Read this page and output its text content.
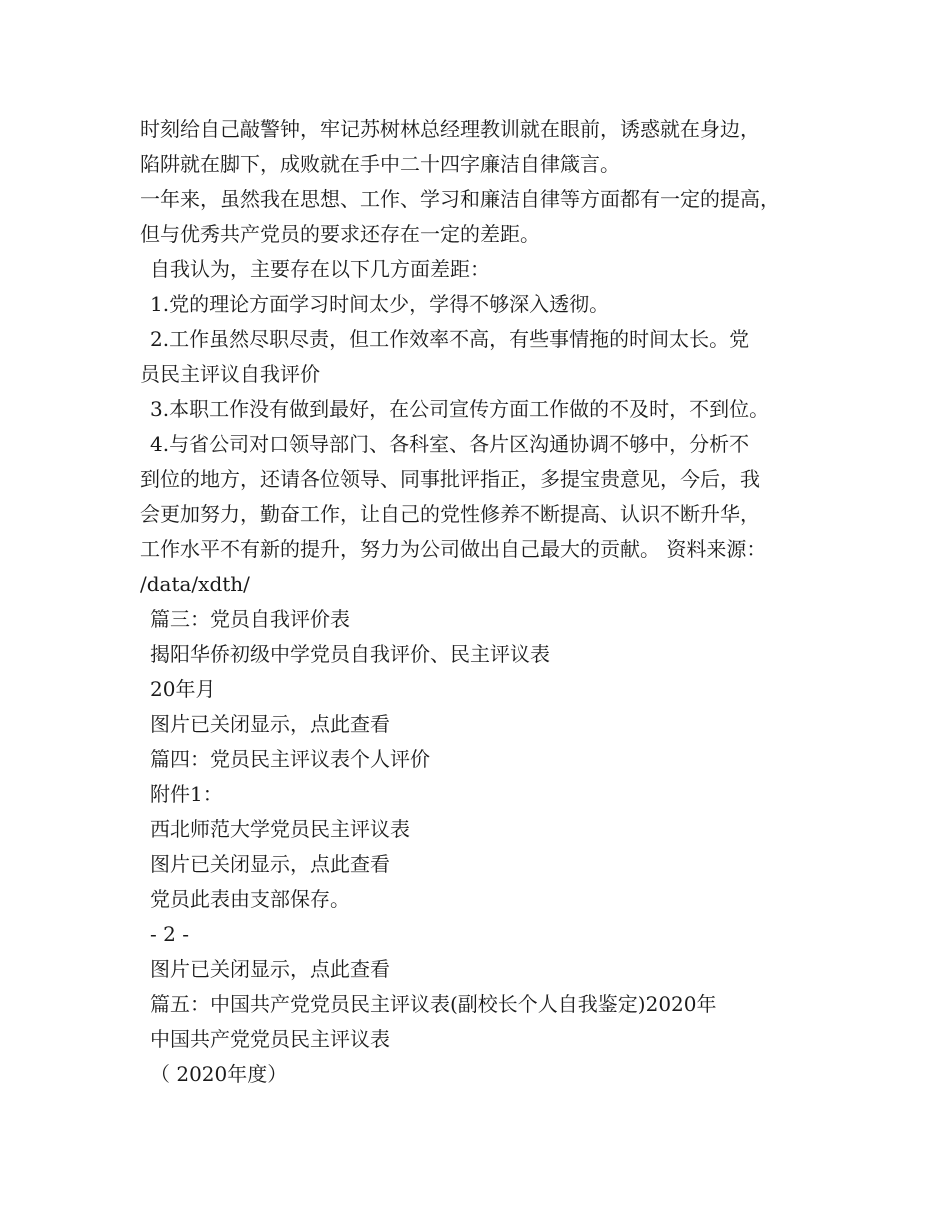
时刻给自己敲警钟，牢记苏树林总经理教训就在眼前，诱惑就在身边，
陷阱就在脚下，成败就在手中二十四字廉洁自律箴言。
一年来，虽然我在思想、工作、学习和廉洁自律等方面都有一定的提高，
但与优秀共产党员的要求还存在一定的差距。
自我认为，主要存在以下几方面差距：
1.党的理论方面学习时间太少，学得不够深入透彻。
2.工作虽然尽职尽责，但工作效率不高，有些事情拖的时间太长。党
员民主评议自我评价
3.本职工作没有做到最好，在公司宣传方面工作做的不及时，不到位。
4.与省公司对口领导部门、各科室、各片区沟通协调不够中，分析不
到位的地方，还请各位领导、同事批评指正，多提宝贵意见，今后，我
会更加努力，勤奋工作，让自己的党性修养不断提高、认识不断升华，
工作水平不有新的提升，努力为公司做出自己最大的贡献。 资料来源：
/data/xdth/
篇三：党员自我评价表
揭阳华侨初级中学党员自我评价、民主评议表
20年月
图片已关闭显示，点此查看
篇四：党员民主评议表个人评价
附件1：
西北师范大学党员民主评议表
图片已关闭显示，点此查看
党员此表由支部保存。
- 2 -
图片已关闭显示，点此查看
篇五：中国共产党党员民主评议表(副校长个人自我鉴定)2020年
中国共产党党员民主评议表
（ 2020年度）
